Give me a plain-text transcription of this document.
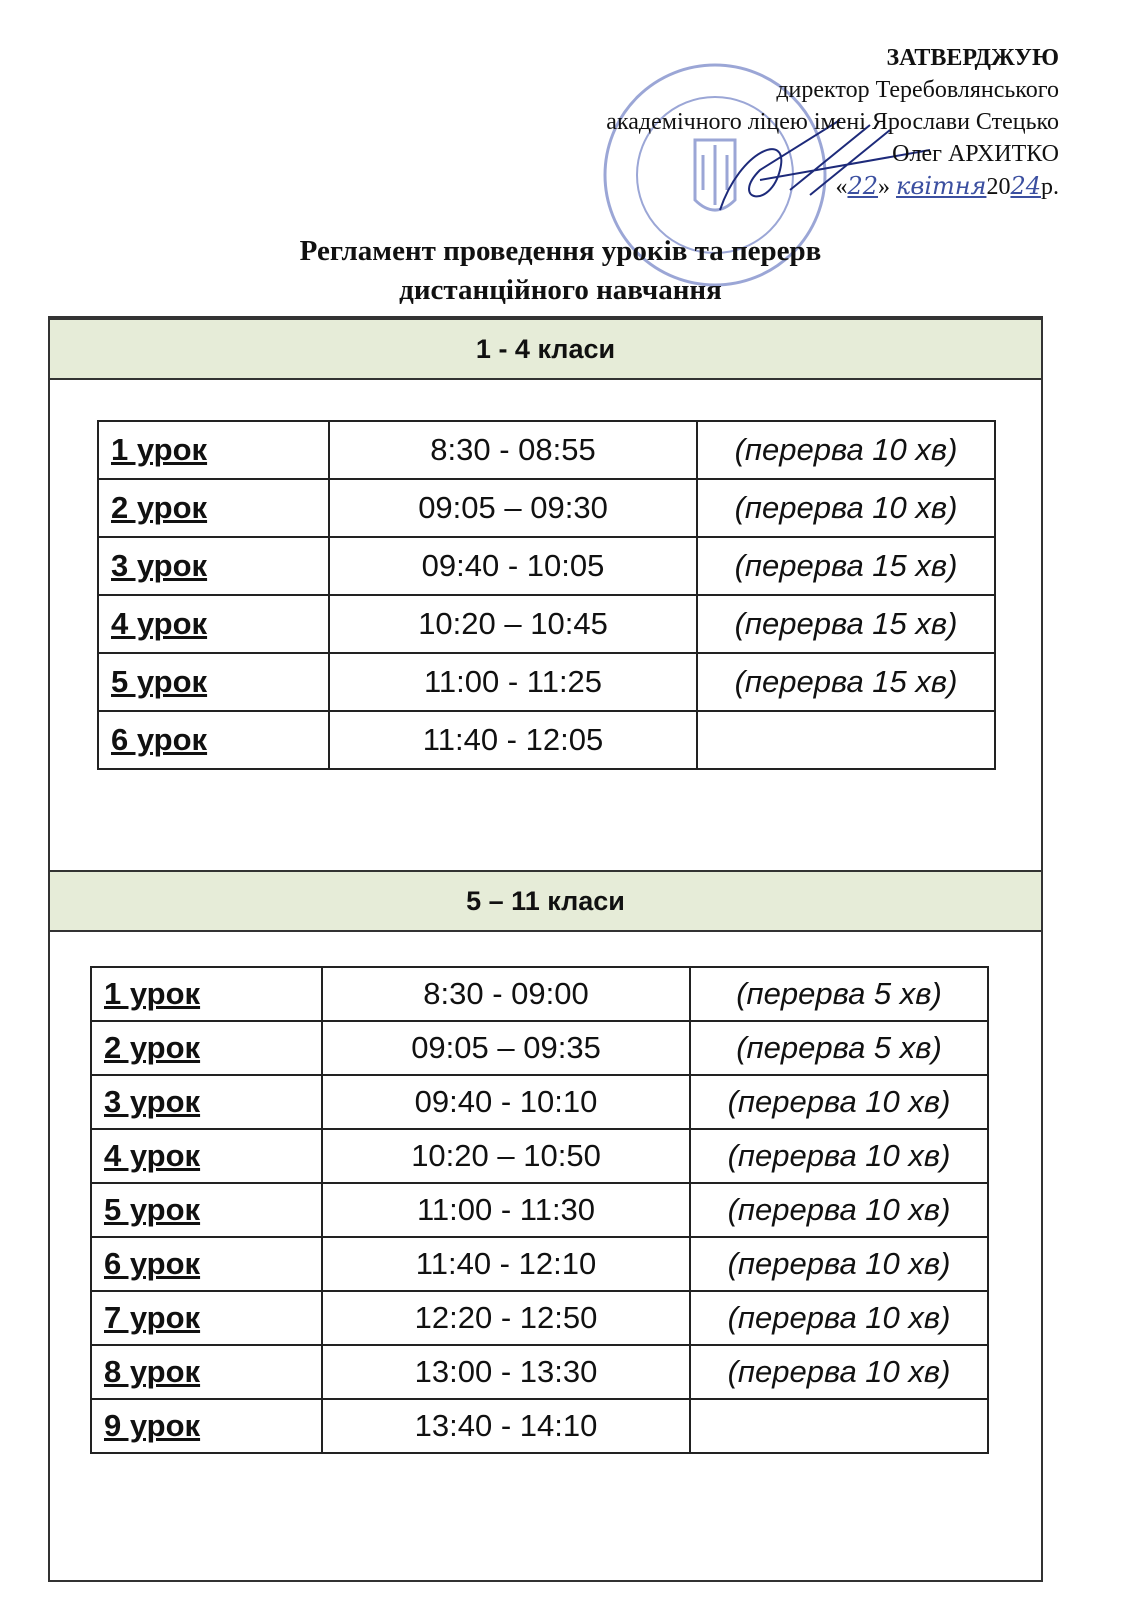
ЗАТВЕРДЖУЮ
директор Теребовлянського
академічного ліцею імені Ярослави Стецько
Олег АРХИТКО
«22» квітня2024р.
Регламент проведення уроків та перерв
дистанційного навчання
1 - 4 класи
5 – 11 класи
1 урок	8:30 - 08:55	(перерва 10 хв)
2 урок	09:05 – 09:30	(перерва 10 хв)
3 урок	09:40 - 10:05	(перерва 15 хв)
4 урок	10:20 – 10:45	(перерва 15 хв)
5 урок	11:00 - 11:25	(перерва 15 хв)
6 урок	11:40 - 12:05	
1 урок	8:30 - 09:00	(перерва 5 хв)
2 урок	09:05 – 09:35	(перерва 5 хв)
3 урок	09:40 - 10:10	(перерва 10 хв)
4 урок	10:20 – 10:50	(перерва 10 хв)
5 урок	11:00 - 11:30	(перерва 10 хв)
6 урок	11:40 - 12:10	(перерва 10 хв)
7 урок	12:20 - 12:50	(перерва 10 хв)
8 урок	13:00 - 13:30	(перерва 10 хв)
9 урок	13:40 - 14:10	
